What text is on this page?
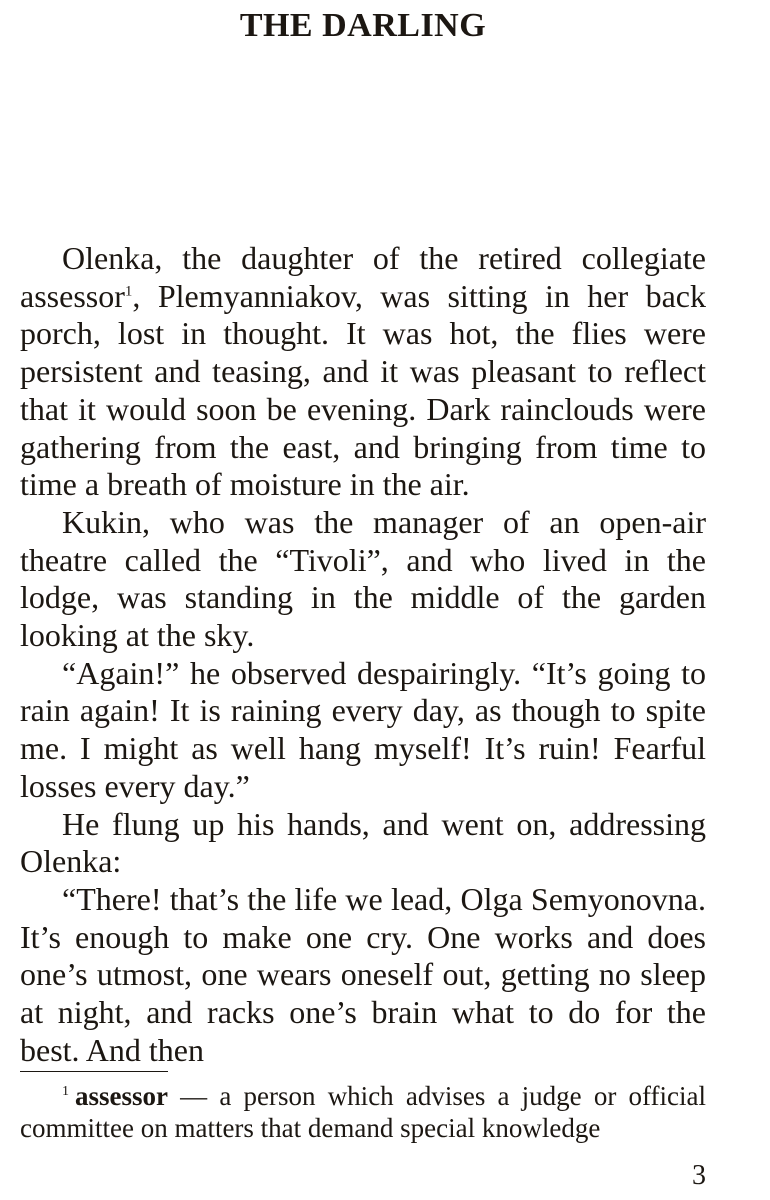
THE DARLING

Olenka, the daughter of the retired collegiate assessor$^1$, Plemyanniakov, was sitting in her back porch, lost in thought. It was hot, the flies were persistent and teasing, and it was pleasant to reflect that it would soon be evening. Dark rainclouds were gathering from the east, and bringing from time to time a breath of moisture in the air.

Kukin, who was the manager of an open-air theatre called the “Tivoli”, and who lived in the lodge, was standing in the middle of the garden looking at the sky.

“Again!” he observed despairingly. “It’s going to rain again! It is raining every day, as though to spite me. I might as well hang myself! It’s ruin! Fearful losses every day.”

He flung up his hands, and went on, addressing Olenka:

“There! that’s the life we lead, Olga Semyonovna. It’s enough to make one cry. One works and does one’s utmost, one wears oneself out, getting no sleep at night, and racks one’s brain what to do for the best. And then

$^1$ assessor — a person which advises a judge or official committee on matters that demand special knowledge
3
